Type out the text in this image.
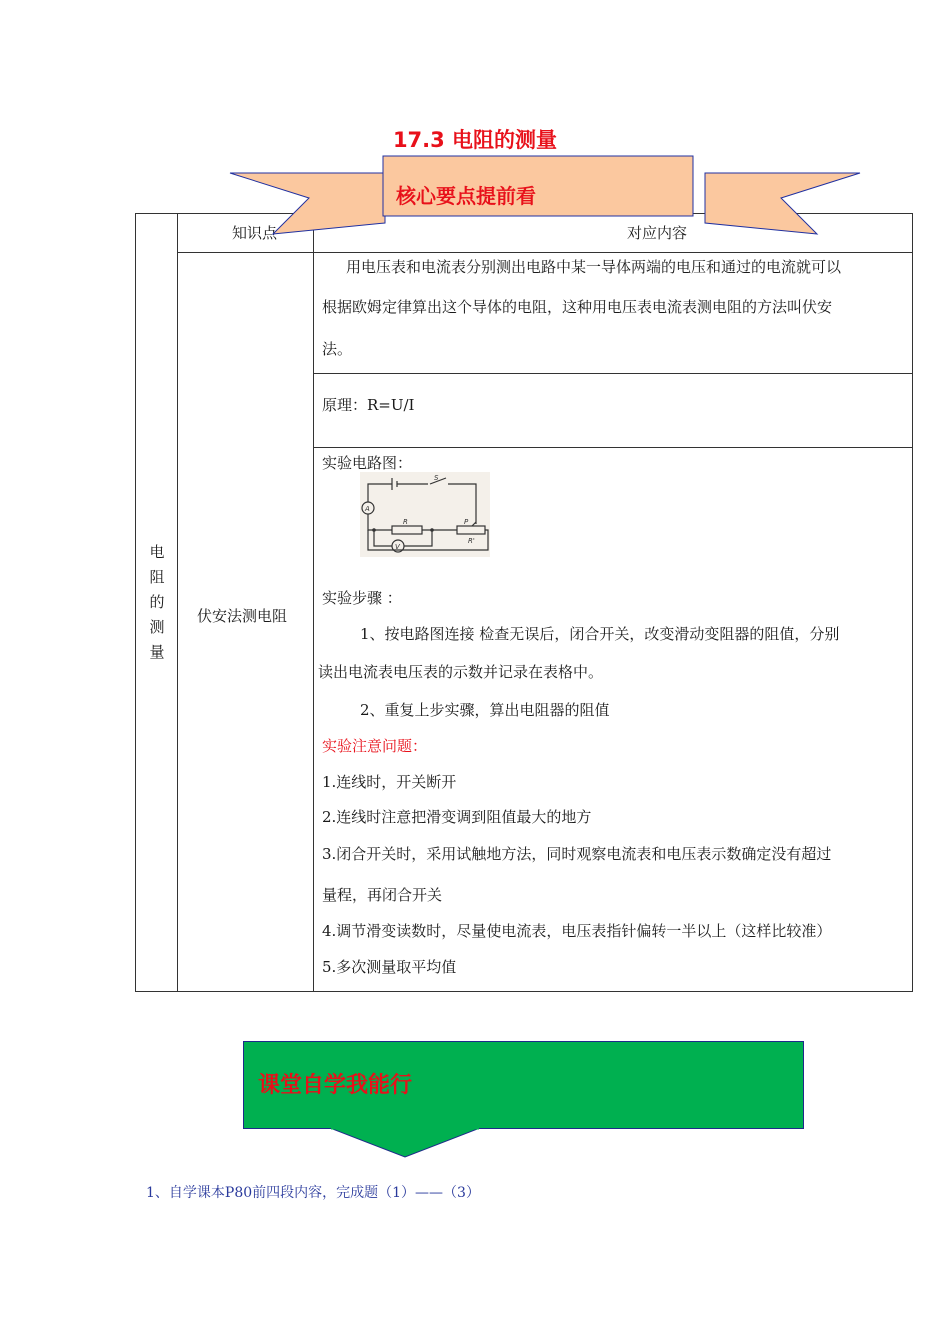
17.3 电阻的测量
知识点	对应内容
核心要点提前看
电
阻
的
测
量
伏安法测电阻
用电压表和电流表分别测出电路中某一导体两端的电压和通过的电流就可以
根据欧姆定律算出这个导体的电阻，这种用电压表电流表测电阻的方法叫伏安
法。
原理：R=U/I
实验电路图：
A
V
S
R	P
R'
实验步骤 ：
1、按电路图连接 检查无误后，闭合开关，改变滑动变阻器的阻值，分别
读出电流表电压表的示数并记录在表格中。
2、重复上步实骤，算出电阻器的阻值
实验注意问题：
1.连线时，开关断开
2.连线时注意把滑变调到阻值最大的地方
3.闭合开关时，采用试触地方法，同时观察电流表和电压表示数确定没有超过
量程，再闭合开关
4.调节滑变读数时，尽量使电流表，电压表指针偏转一半以上（这样比较准）
5.多次测量取平均值
课堂自学我能行
1、自学课本P80前四段内容，完成题（1）——（3）
